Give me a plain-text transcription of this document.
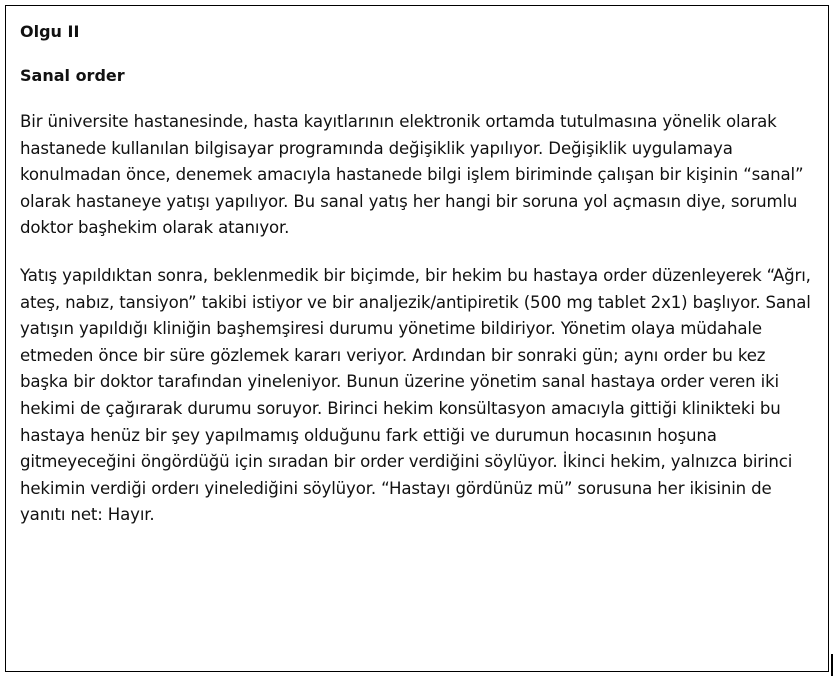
Olgu II
Sanal order

Bir üniversite hastanesinde, hasta kayıtlarının elektronik ortamda tutulmasına yönelik olarak hastanede kullanılan bilgisayar programında değişiklik yapılıyor. Değişiklik uygulamaya konulmadan önce, denemek amacıyla hastanede bilgi işlem biriminde çalışan bir kişinin “sanal” olarak hastaneye yatışı yapılıyor. Bu sanal yatış her hangi bir soruna yol açmasın diye, sorumlu doktor başhekim olarak atanıyor.

Yatış yapıldıktan sonra, beklenmedik bir biçimde, bir hekim bu hastaya order düzenleyerek “Ağrı, ateş, nabız, tansiyon” takibi istiyor ve bir analjezik/antipiretik (500 mg tablet 2x1) başlıyor. Sanal yatışın yapıldığı kliniğin başhemşiresi durumu yönetime bildiriyor. Yönetim olaya müdahale etmeden önce bir süre gözlemek kararı veriyor. Ardından bir sonraki gün; aynı order bu kez başka bir doktor tarafından yineleniyor. Bunun üzerine yönetim sanal hastaya order veren iki hekimi de çağırarak durumu soruyor. Birinci hekim konsültasyon amacıyla gittiği klinikteki bu hastaya henüz bir şey yapılmamış olduğunu fark ettiği ve durumun hocasının hoşuna gitmeyeceğini öngördüğü için sıradan bir order verdiğini söylüyor. İkinci hekim, yalnızca birinci hekimin verdiği orderı yinelediğini söylüyor. “Hastayı gördünüz mü” sorusuna her ikisinin de yanıtı net: Hayır.
